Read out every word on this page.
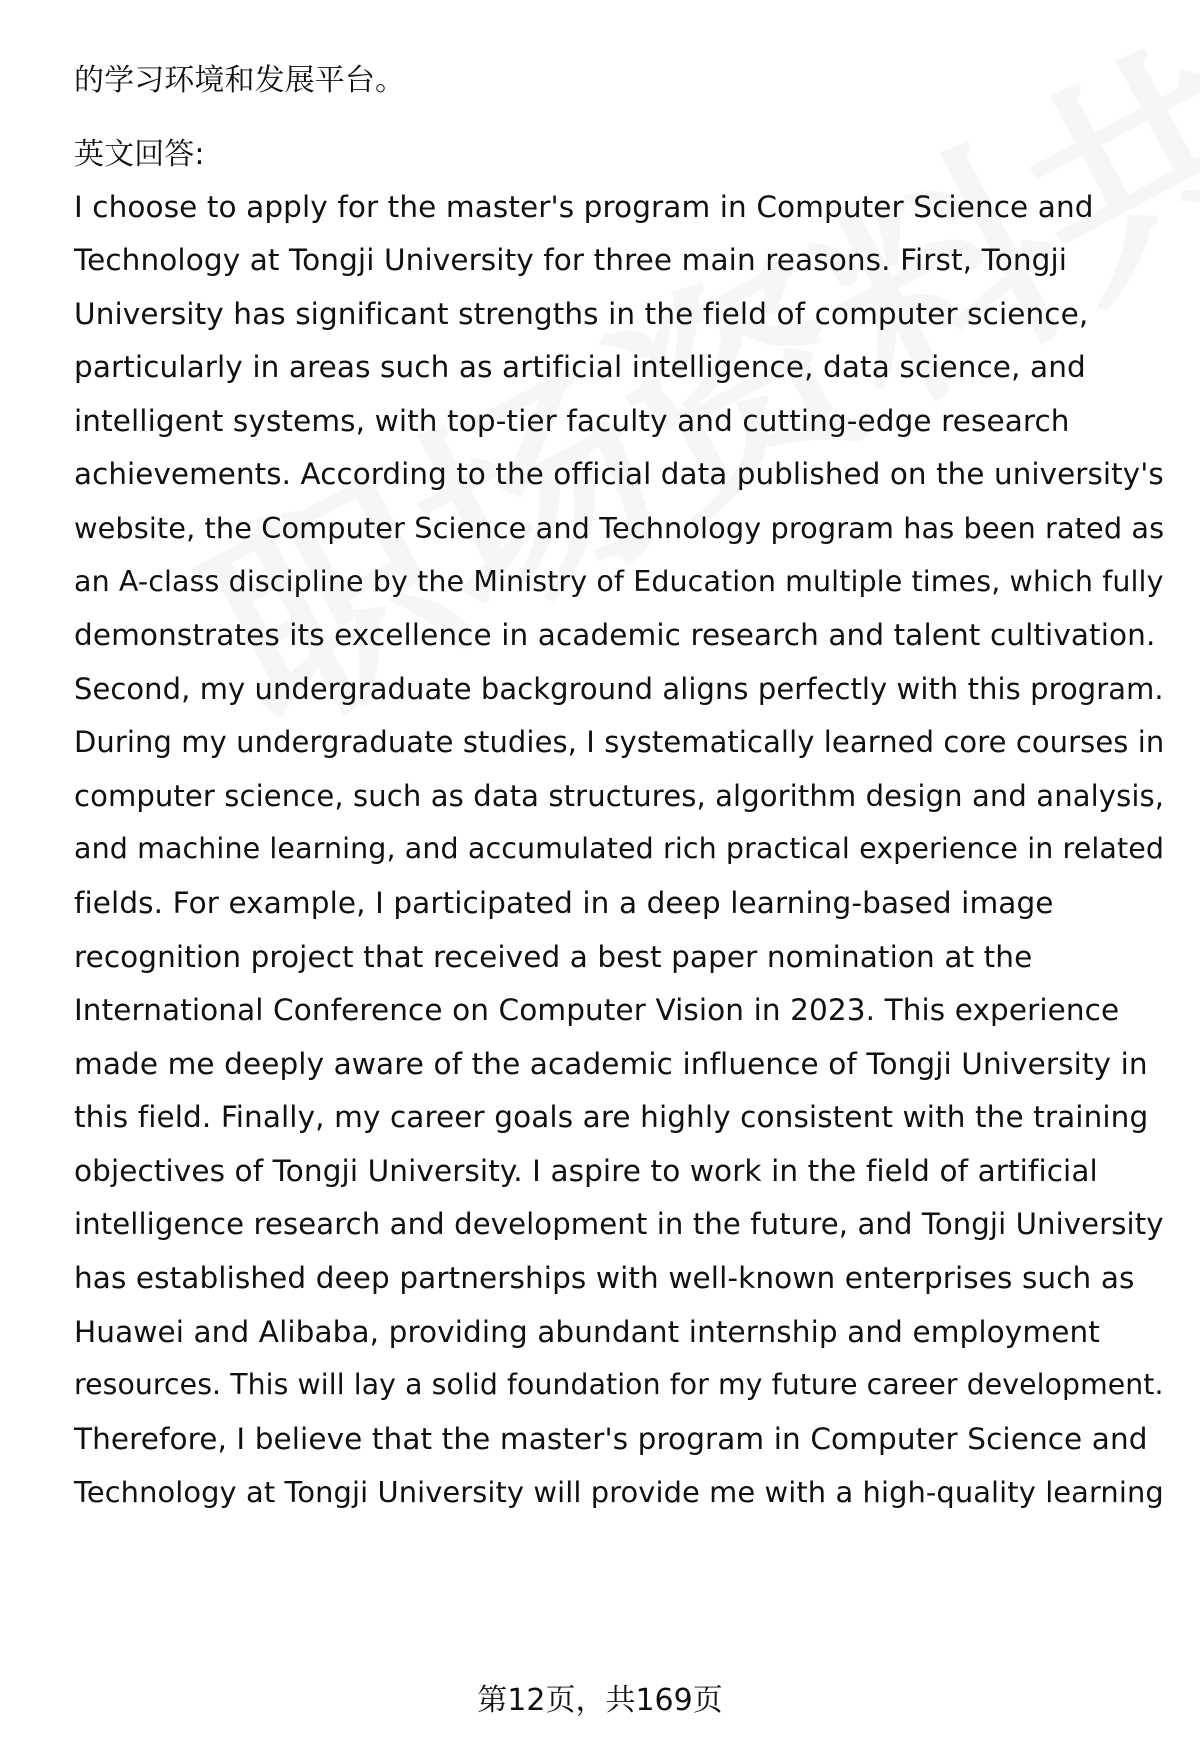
的学习环境和发展平台。
英文回答:
I choose to apply for the master's program in Computer Science and
Technology at Tongji University for three main reasons. First, Tongji
University has significant strengths in the field of computer science,
particularly in areas such as artificial intelligence, data science, and
intelligent systems, with top-tier faculty and cutting-edge research
achievements. According to the official data published on the university's
website, the Computer Science and Technology program has been rated as
an A-class discipline by the Ministry of Education multiple times, which fully
demonstrates its excellence in academic research and talent cultivation.
Second, my undergraduate background aligns perfectly with this program.
During my undergraduate studies, I systematically learned core courses in
computer science, such as data structures, algorithm design and analysis,
and machine learning, and accumulated rich practical experience in related
fields. For example, I participated in a deep learning-based image
recognition project that received a best paper nomination at the
International Conference on Computer Vision in 2023. This experience
made me deeply aware of the academic influence of Tongji University in
this field. Finally, my career goals are highly consistent with the training
objectives of Tongji University. I aspire to work in the field of artificial
intelligence research and development in the future, and Tongji University
has established deep partnerships with well-known enterprises such as
Huawei and Alibaba, providing abundant internship and employment
resources. This will lay a solid foundation for my future career development.
Therefore, I believe that the master's program in Computer Science and
Technology at Tongji University will provide me with a high-quality learning
第12页，共169页
